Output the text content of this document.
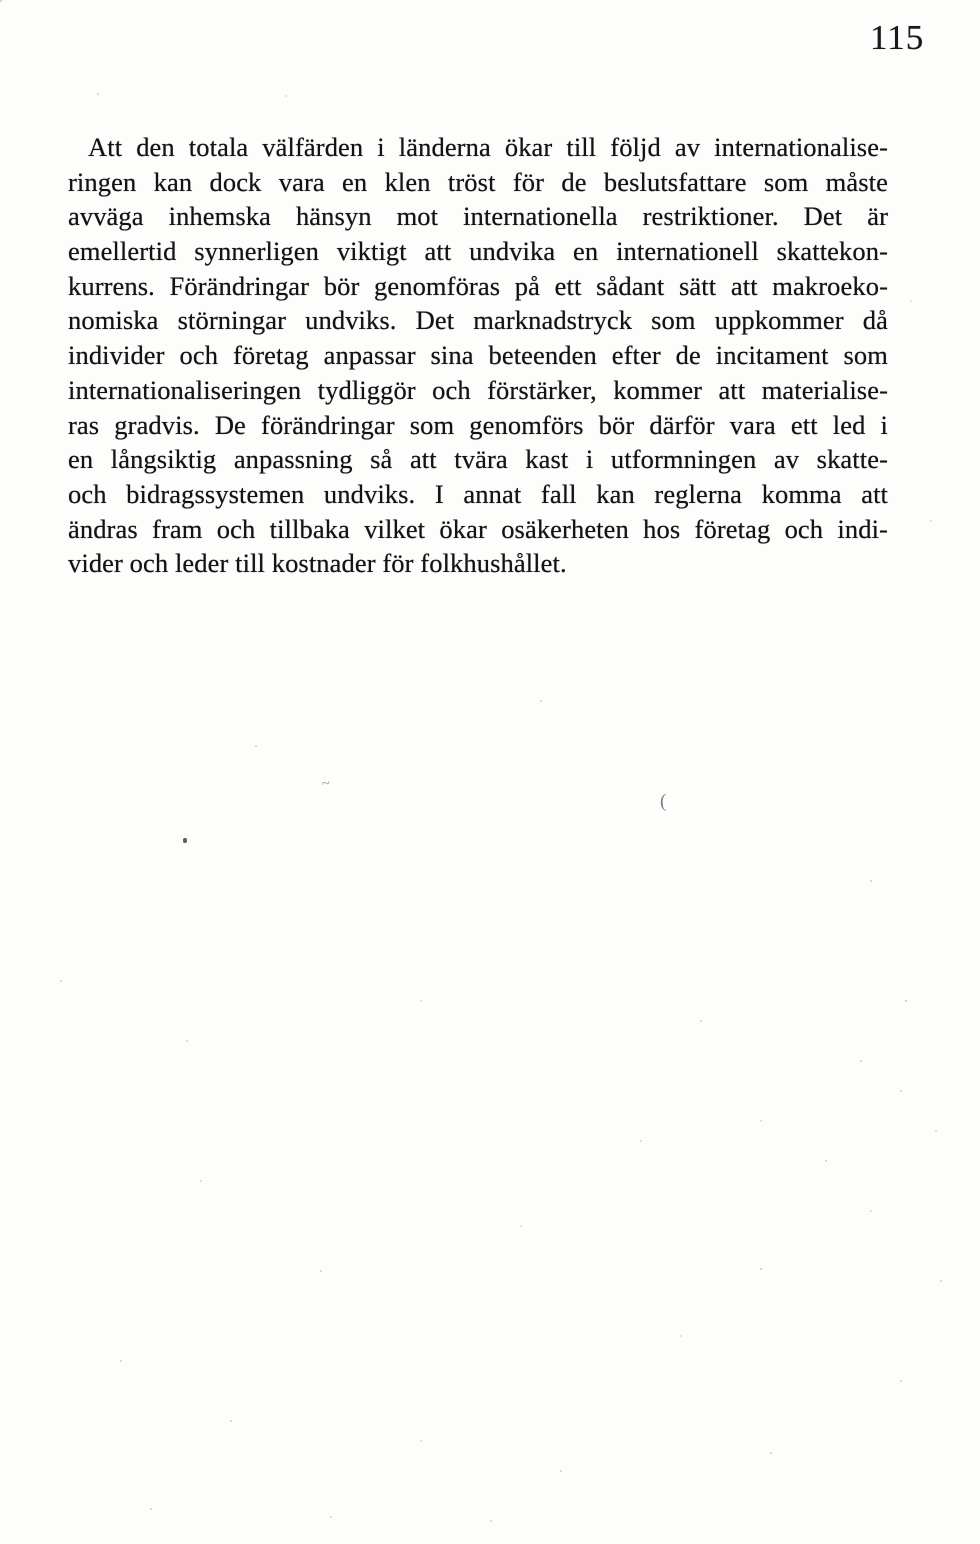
115
Att den totala välfärden i länderna ökar till följd av internationalise-
ringen kan dock vara en klen tröst för de beslutsfattare som måste
avväga inhemska hänsyn mot internationella restriktioner. Det är
emellertid synnerligen viktigt att undvika en internationell skattekon-
kurrens. Förändringar bör genomföras på ett sådant sätt att makroeko-
nomiska störningar undviks. Det marknadstryck som uppkommer då
individer och företag anpassar sina beteenden efter de incitament som
internationaliseringen tydliggör och förstärker, kommer att materialise-
ras gradvis. De förändringar som genomförs bör därför vara ett led i
en långsiktig anpassning så att tvära kast i utformningen av skatte-
och bidragssystemen undviks. I annat fall kan reglerna komma att
ändras fram och tillbaka vilket ökar osäkerheten hos företag och indi-
vider och leder till kostnader för folkhushållet.
~
(
